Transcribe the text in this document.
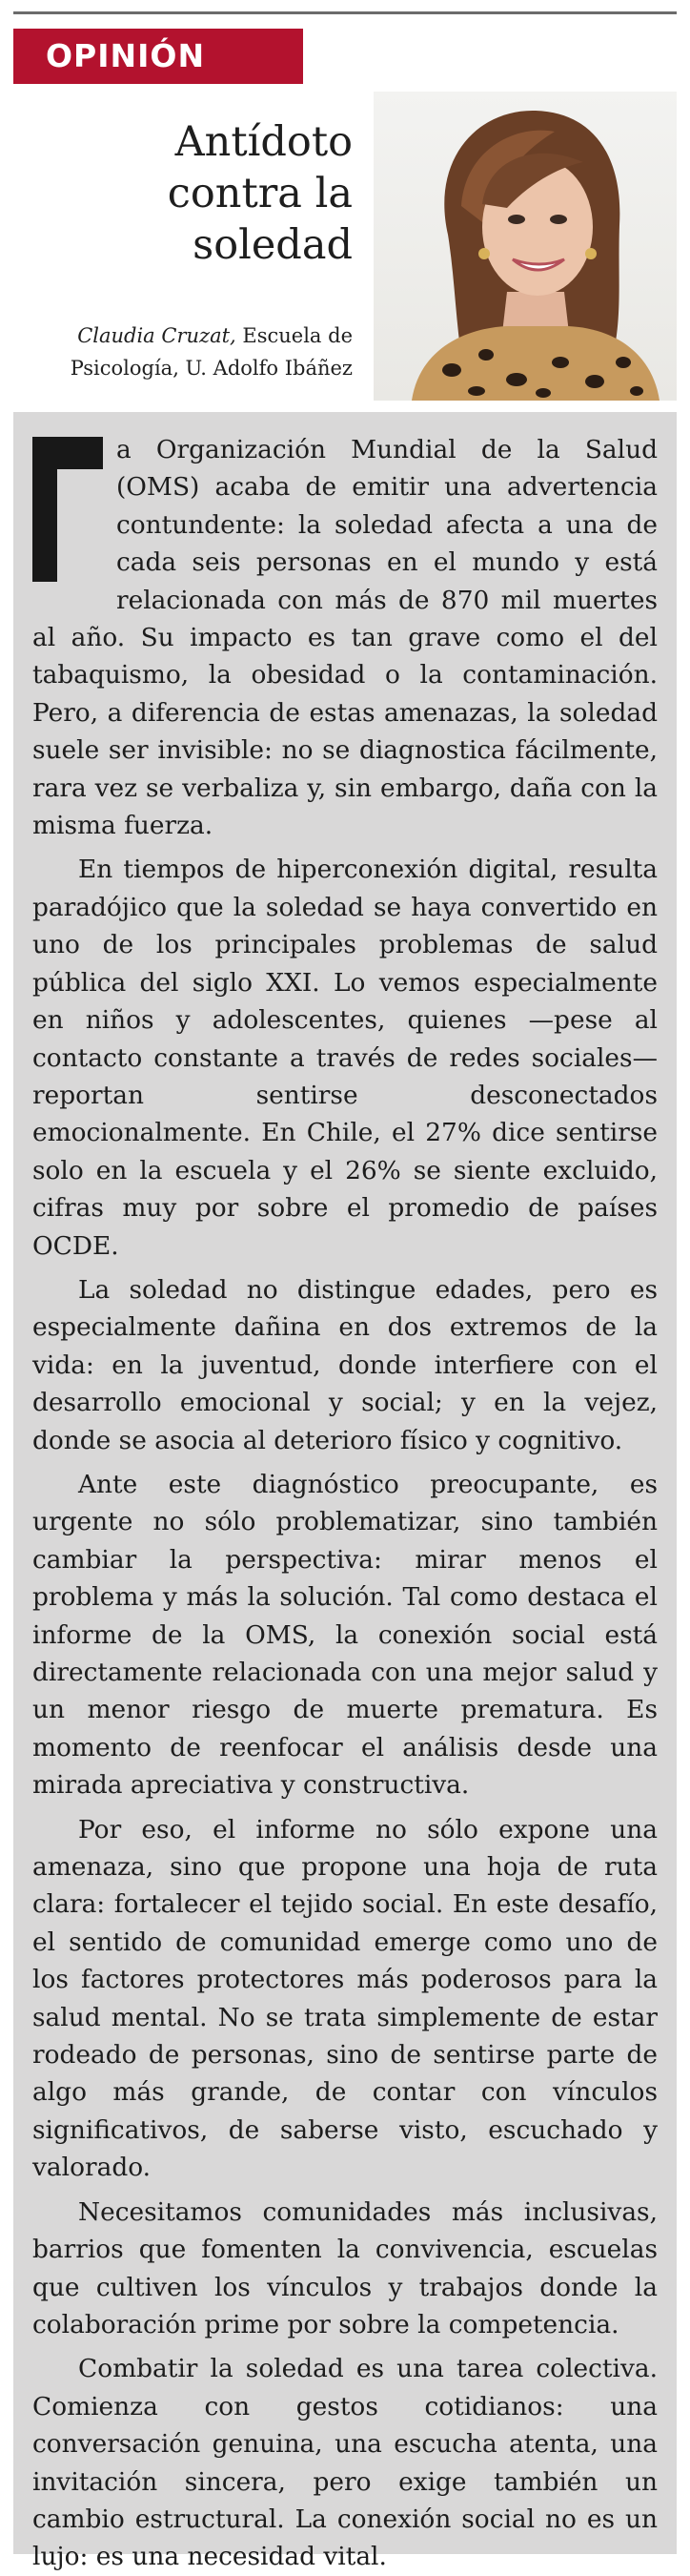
OPINIÓN
Antídoto contra la soledad
Claudia Cruzat, Escuela de Psicología, U. Adolfo Ibáñez

a Organización Mundial de la Salud (OMS) acaba de emitir una advertencia contundente: la soledad afecta a una de cada seis personas en el mundo y está relacionada con más de 870 mil muertes al año. Su impacto es tan grave como el del tabaquismo, la obesidad o la contaminación. Pero, a diferencia de estas amenazas, la soledad suele ser invisible: no se diagnostica fácilmente, rara vez se verbaliza y, sin embargo, daña con la misma fuerza.

En tiempos de hiperconexión digital, resulta paradójico que la soledad se haya convertido en uno de los principales problemas de salud pública del siglo XXI. Lo vemos especialmente en niños y adolescentes, quienes —pese al contacto constante a través de redes sociales— reportan sentirse desconectados emocionalmente. En Chile, el 27% dice sentirse solo en la escuela y el 26% se siente excluido, cifras muy por sobre el promedio de países OCDE.

La soledad no distingue edades, pero es especialmente dañina en dos extremos de la vida: en la juventud, donde interfiere con el desarrollo emocional y social; y en la vejez, donde se asocia al deterioro físico y cognitivo.

Ante este diagnóstico preocupante, es urgente no sólo problematizar, sino también cambiar la perspectiva: mirar menos el problema y más la solución. Tal como destaca el informe de la OMS, la conexión social está directamente relacionada con una mejor salud y un menor riesgo de muerte prematura. Es momento de reenfocar el análisis desde una mirada apreciativa y constructiva.

Por eso, el informe no sólo expone una amenaza, sino que propone una hoja de ruta clara: fortalecer el tejido social. En este desafío, el sentido de comunidad emerge como uno de los factores protectores más poderosos para la salud mental. No se trata simplemente de estar rodeado de personas, sino de sentirse parte de algo más grande, de contar con vínculos significativos, de saberse visto, escuchado y valorado.

Necesitamos comunidades más inclusivas, barrios que fomenten la convivencia, escuelas que cultiven los vínculos y trabajos donde la colaboración prime por sobre la competencia.

Combatir la soledad es una tarea colectiva. Comienza con gestos cotidianos: una conversación genuina, una escucha atenta, una invitación sincera, pero exige también un cambio estructural. La conexión social no es un lujo: es una necesidad vital.
